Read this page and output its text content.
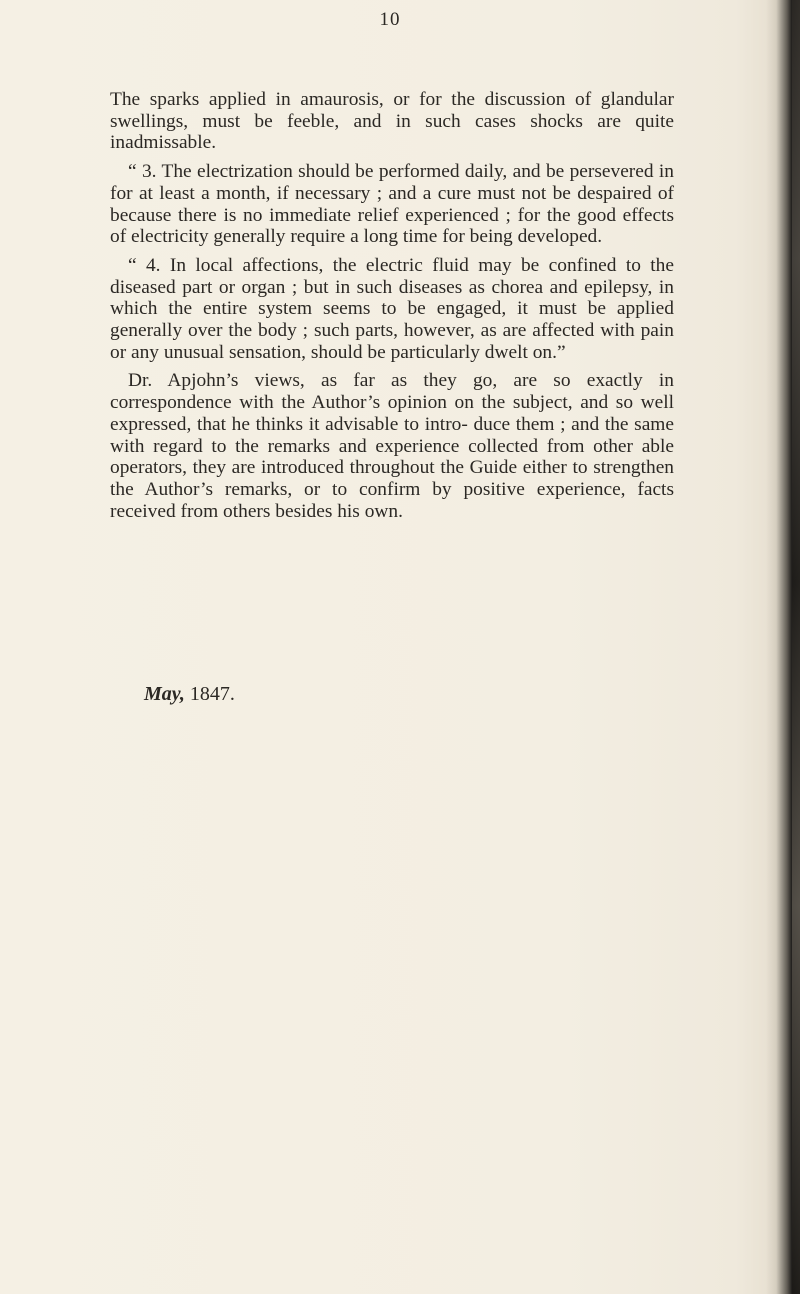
10

The sparks applied in amaurosis, or for the discussion of glandular swellings, must be feeble, and in such cases shocks are quite inadmissable.

“ 3. The electrization should be performed daily, and be persevered in for at least a month, if necessary ; and a cure must not be despaired of because there is no immediate relief experienced ; for the good effects of electricity generally require a long time for being developed.

“ 4. In local affections, the electric fluid may be confined to the diseased part or organ ; but in such diseases as chorea and epilepsy, in which the entire system seems to be engaged, it must be applied generally over the body ; such parts, however, as are affected with pain or any unusual sensation, should be particularly dwelt on.”

Dr. Apjohn’s views, as far as they go, are so exactly in correspondence with the Author’s opinion on the subject, and so well expressed, that he thinks it advisable to intro- duce them ; and the same with regard to the remarks and experience collected from other able operators, they are introduced throughout the Guide either to strengthen the Author’s remarks, or to confirm by positive experience, facts received from others besides his own.

May, 1847.
